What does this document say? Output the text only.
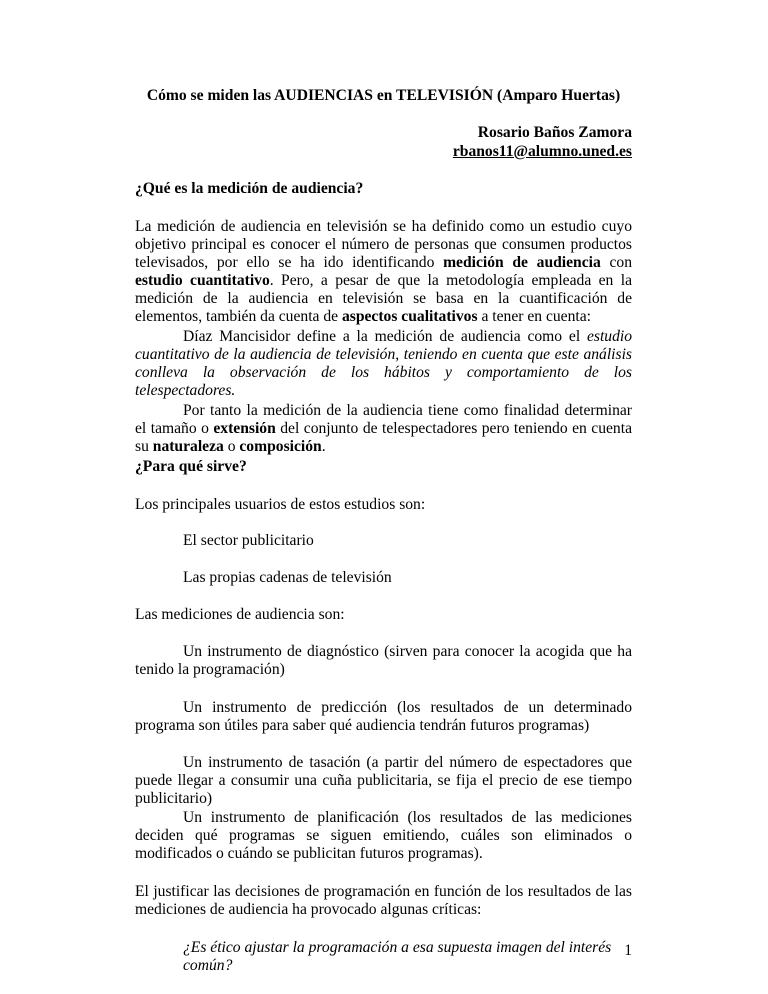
Cómo se miden las AUDIENCIAS en TELEVISIÓN (Amparo Huertas)
Rosario Baños Zamora
rbanos11@alumno.uned.es
¿Qué es la medición de audiencia?
La medición de audiencia en televisión se ha definido como un estudio cuyo objetivo principal es conocer el número de personas que consumen productos televisados, por ello se ha ido identificando medición de audiencia con estudio cuantitativo. Pero, a pesar de que la metodología empleada en la medición de la audiencia en televisión se basa en la cuantificación de elementos, también da cuenta de aspectos cualitativos a tener en cuenta:
Díaz Mancisidor define a la medición de audiencia como el estudio cuantitativo de la audiencia de televisión, teniendo en cuenta que este análisis conlleva la observación de los hábitos y comportamiento de los telespectadores.
Por tanto la medición de la audiencia tiene como finalidad determinar el tamaño o extensión del conjunto de telespectadores pero teniendo en cuenta su naturaleza o composición.
¿Para qué sirve?
Los principales usuarios de estos estudios son:
El sector publicitario
Las propias cadenas de televisión
Las mediciones de audiencia son:
Un instrumento de diagnóstico (sirven para conocer la acogida que ha tenido la programación)
Un instrumento de predicción (los resultados de un determinado programa son útiles para saber qué audiencia tendrán futuros programas)
Un instrumento de tasación (a partir del número de espectadores que puede llegar a consumir una cuña publicitaria, se fija el precio de ese tiempo publicitario)
Un instrumento de planificación (los resultados de las mediciones deciden qué programas se siguen emitiendo, cuáles son eliminados o modificados o cuándo se publicitan futuros programas).
El justificar las decisiones de programación en función de los resultados de las mediciones de audiencia ha provocado algunas críticas:
¿Es ético ajustar la programación a esa supuesta imagen del interés común?
1
